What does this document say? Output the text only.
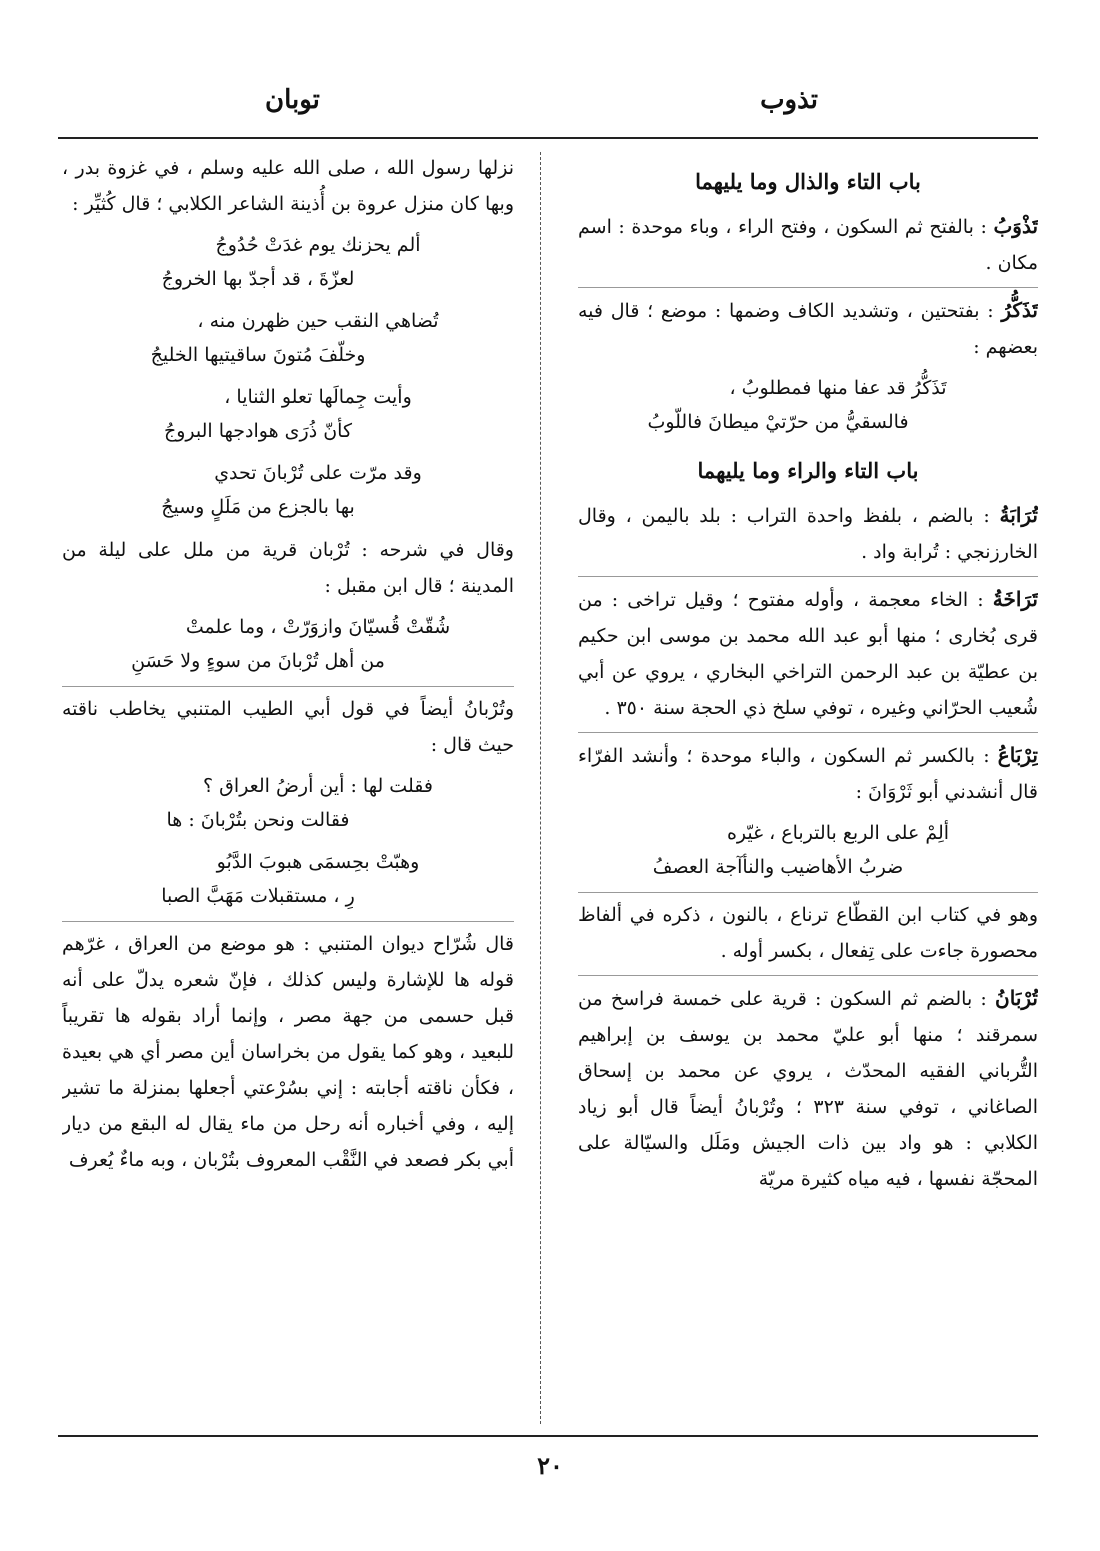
تذوب
توبان
باب التاء والذال وما يليهما
تَذْوَبُ : بالفتح ثم السكون ، وفتح الراء ، وباء موحدة : اسم مكان .
تَذَكُّرُ : بفتحتين ، وتشديد الكاف وضمها : موضع ؛ قال فيه بعضهم :
تَذَكُّرُ قد عفا منها فمطلوبُ ،
فالسقيُّ من حرّتيْ ميطانَ فاللّوبُ
باب التاء والراء وما يليهما
تُرَابَةُ : بالضم ، بلفظ واحدة التراب : بلد باليمن ، وقال الخارزنجي : تُرابة واد .
تَرَاخَةُ : الخاء معجمة ، وأوله مفتوح ؛ وقيل تراخى : من قرى بُخارى ؛ منها أبو عبد الله محمد بن موسى ابن حكيم بن عطيّة بن عبد الرحمن التراخي البخاري ، يروي عن أبي شُعيب الحرّاني وغيره ، توفي سلخ ذي الحجة سنة ٣٥٠ .
تِرْبَاعُ : بالكسر ثم السكون ، والباء موحدة ؛ وأنشد الفرّاء قال أنشدني أبو ثَرْوَانَ :
ألِمْ على الربع بالترباع ، غيّره
ضربُ الأهاضيب والنأآجة العصفُ
وهو في كتاب ابن القطّاع ترناع ، بالنون ، ذكره في ألفاظ محصورة جاءت على تِفعال ، بكسر أوله .
تُرْبَانُ : بالضم ثم السكون : قرية على خمسة فراسخ من سمرقند ؛ منها أبو عليّ محمد بن يوسف بن إبراهيم التُّرباني الفقيه المحدّث ، يروي عن محمد بن إسحاق الصاغاني ، توفي سنة ٣٢٣ ؛ وتُرْبانُ أيضاً قال أبو زياد الكلابي : هو واد بين ذات الجيش ومَلَل والسيّالة على المحجّة نفسها ، فيه مياه كثيرة مريّة
نزلها رسول الله ، صلى الله عليه وسلم ، في غزوة بدر ، وبها كان منزل عروة بن أُذينة الشاعر الكلابي ؛ قال كُثيِّر :
ألم يحزنك يوم غدَتْ حُدُوجُ
لعزّةَ ، قد أجدّ بها الخروجُ
تُضاهي النقب حين ظهرن منه ،
وخلّفَ مُتونَ ساقيتيها الخليجُ
وأيت جِمالَها تعلو الثنايا ،
كأنّ ذُرَى هوادجها البروجُ
وقد مرّت على تُرْبانَ تحدي
بها بالجزع من مَلَلٍ وسيجُ
وقال في شرحه : تُرْبان قرية من ملل على ليلة من المدينة ؛ قال ابن مقبل :
شُقّتْ قُسيّانَ وازوَرّتْ ، وما علمتْ
من أهل تُرْبانَ من سوءٍ ولا حَسَنِ
وتُرْبانُ أيضاً في قول أبي الطيب المتنبي يخاطب ناقته حيث قال :
فقلت لها : أين أرضُ العراق ؟
فقالت ونحن بتُرْبانَ : ها
وهبّتْ بحِسمَى هبوبَ الدَّبُو
رِ ، مستقبلات مَهَبَّ الصبا
قال شُرّاح ديوان المتنبي : هو موضع من العراق ، غرّهم قوله ها للإشارة وليس كذلك ، فإنّ شعره يدلّ على أنه قبل حسمى من جهة مصر ، وإنما أراد بقوله ها تقريباً للبعيد ، وهو كما يقول من بخراسان أين مصر أي هي بعيدة ، فكأن ناقته أجابته : إني بسُرْعتي أجعلها بمنزلة ما تشير إليه ، وفي أخباره أنه رحل من ماء يقال له البقع من ديار أبي بكر فصعد في النَّقْب المعروف بتُرْبان ، وبه ماءٌ يُعرف
٢٠
